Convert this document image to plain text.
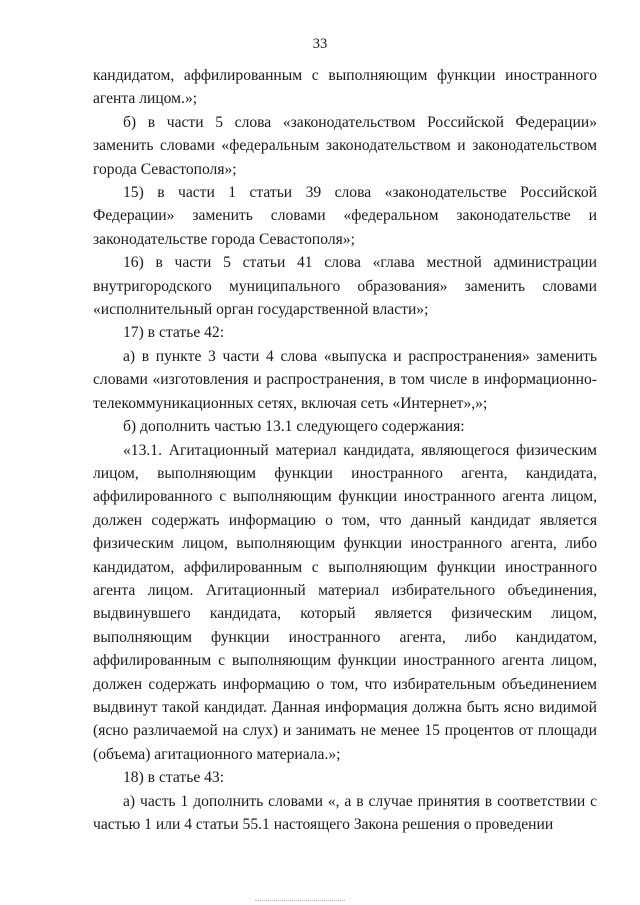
33

кандидатом, аффилированным с выполняющим функции иностранного агента лицом.»;

б) в части 5 слова «законодательством Российской Федерации» заменить словами «федеральным законодательством и законодательством города Севастополя»;

15) в части 1 статьи 39 слова «законодательстве Российской Федерации» заменить словами «федеральном законодательстве и законодательстве города Севастополя»;

16) в части 5 статьи 41 слова «глава местной администрации внутригородского муниципального образования» заменить словами «исполнительный орган государственной власти»;

17) в статье 42:

а) в пункте 3 части 4 слова «выпуска и распространения» заменить словами «изготовления и распространения, в том числе в информационно-телекоммуникационных сетях, включая сеть «Интернет»,»;

б) дополнить частью 13.1 следующего содержания:

«13.1. Агитационный материал кандидата, являющегося физическим лицом, выполняющим функции иностранного агента, кандидата, аффилированного с выполняющим функции иностранного агента лицом, должен содержать информацию о том, что данный кандидат является физическим лицом, выполняющим функции иностранного агента, либо кандидатом, аффилированным с выполняющим функции иностранного агента лицом. Агитационный материал избирательного объединения, выдвинувшего кандидата, который является физическим лицом, выполняющим функции иностранного агента, либо кандидатом, аффилированным с выполняющим функции иностранного агента лицом, должен содержать информацию о том, что избирательным объединением выдвинут такой кандидат. Данная информация должна быть ясно видимой (ясно различаемой на слух) и занимать не менее 15 процентов от площади (объема) агитационного материала.»;

18) в статье 43:

а) часть 1 дополнить словами «, а в случае принятия в соответствии с частью 1 или 4 статьи 55.1 настоящего Закона решения о проведении
